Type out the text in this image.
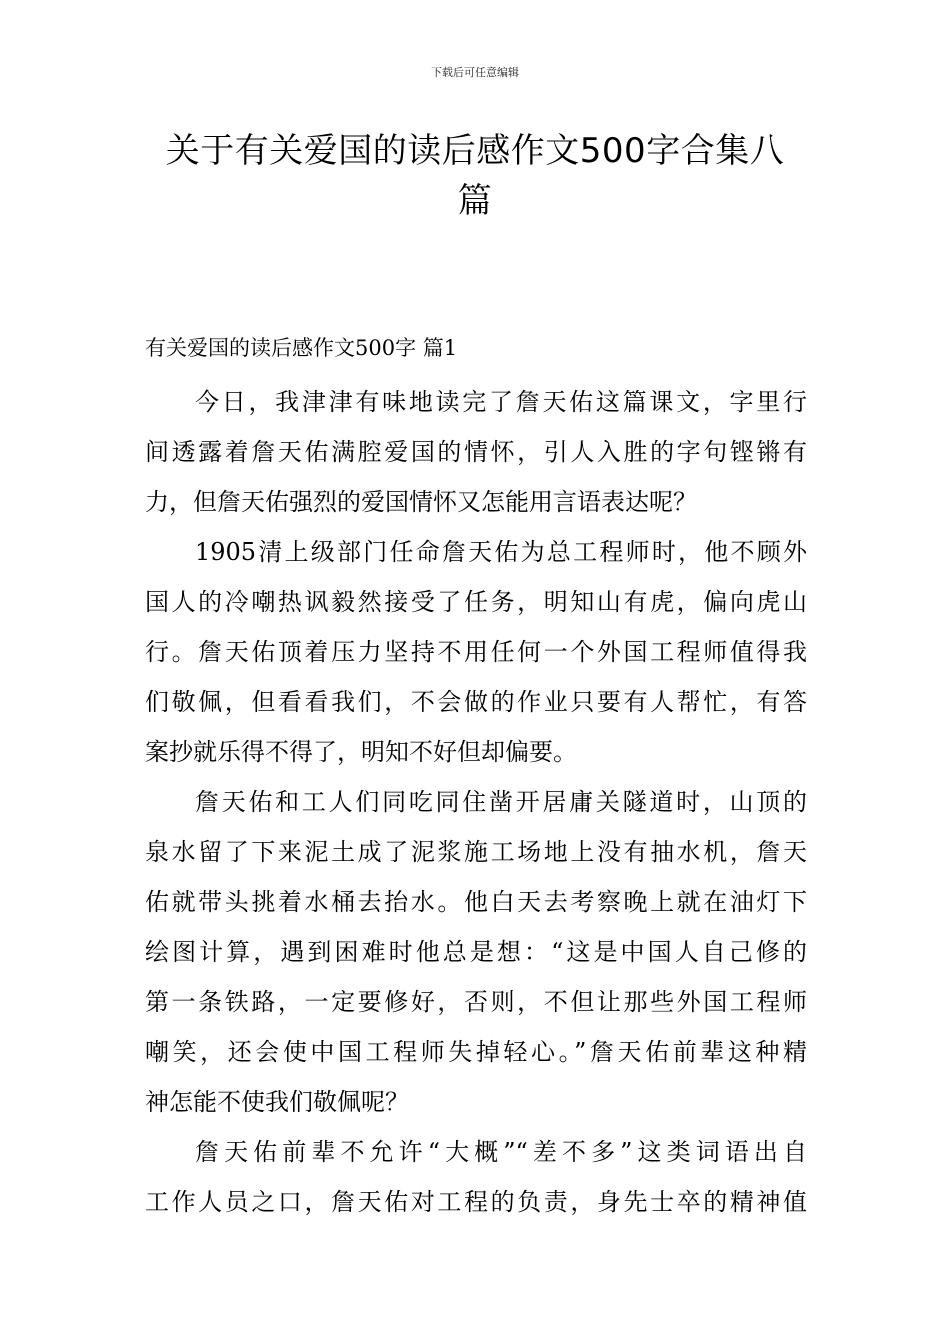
下载后可任意编辑
关于有关爱国的读后感作文500字合集八
篇
有关爱国的读后感作文500字 篇1
今日，我津津有味地读完了詹天佑这篇课文，字里行
间透露着詹天佑满腔爱国的情怀，引人入胜的字句铿锵有
力，但詹天佑强烈的爱国情怀又怎能用言语表达呢？
1905清上级部门任命詹天佑为总工程师时，他不顾外
国人的冷嘲热讽毅然接受了任务，明知山有虎，偏向虎山
行。詹天佑顶着压力坚持不用任何一个外国工程师值得我
们敬佩，但看看我们，不会做的作业只要有人帮忙，有答
案抄就乐得不得了，明知不好但却偏要。
詹天佑和工人们同吃同住凿开居庸关隧道时，山顶的
泉水留了下来泥土成了泥浆施工场地上没有抽水机，詹天
佑就带头挑着水桶去抬水。他白天去考察晚上就在油灯下
绘图计算，遇到困难时他总是想：“这是中国人自己修的
第一条铁路，一定要修好，否则，不但让那些外国工程师
嘲笑，还会使中国工程师失掉轻心。”詹天佑前辈这种精
神怎能不使我们敬佩呢？
詹天佑前辈不允许“大概”“差不多”这类词语出自
工作人员之口，詹天佑对工程的负责，身先士卒的精神值
